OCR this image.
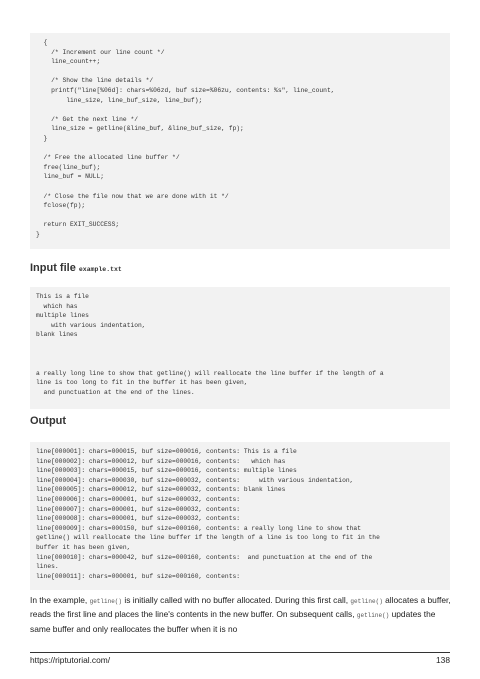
{
/* Increment our line count */
line_count++;
/* Show the line details */
printf("line[%06d]: chars=%06zd, buf size=%06zu, contents: %s", line_count,
line_size, line_buf_size, line_buf);
/* Get the next line */
line_size = getline(&line_buf, &line_buf_size, fp);
}
/* Free the allocated line buffer */
free(line_buf);
line_buf = NULL;
/* Close the file now that we are done with it */
fclose(fp);
return EXIT_SUCCESS;
}
Input file example.txt
This is a file
which has
multiple lines
with various indentation,
blank lines
a really long line to show that getline() will reallocate the line buffer if the length of a
line is too long to fit in the buffer it has been given,
and punctuation at the end of the lines.
Output
line[000001]: chars=000015, buf size=000016, contents: This is a file
line[000002]: chars=000012, buf size=000016, contents:   which has
line[000003]: chars=000015, buf size=000016, contents: multiple lines
line[000004]: chars=000030, buf size=000032, contents:     with various indentation,
line[000005]: chars=000012, buf size=000032, contents: blank lines
line[000006]: chars=000001, buf size=000032, contents:
line[000007]: chars=000001, buf size=000032, contents:
line[000008]: chars=000001, buf size=000032, contents:
line[000009]: chars=000150, buf size=000160, contents: a really long line to show that
getline() will reallocate the line buffer if the length of a line is too long to fit in the
buffer it has been given,
line[000010]: chars=000042, buf size=000160, contents:  and punctuation at the end of the
lines.
line[000011]: chars=000001, buf size=000160, contents:

In the example, getline() is initially called with no buffer allocated. During this first call, getline() allocates a buffer, reads the first line and places the line's contents in the new buffer. On subsequent calls, getline() updates the same buffer and only reallocates the buffer when it is no

https://riptutorial.com/	138
